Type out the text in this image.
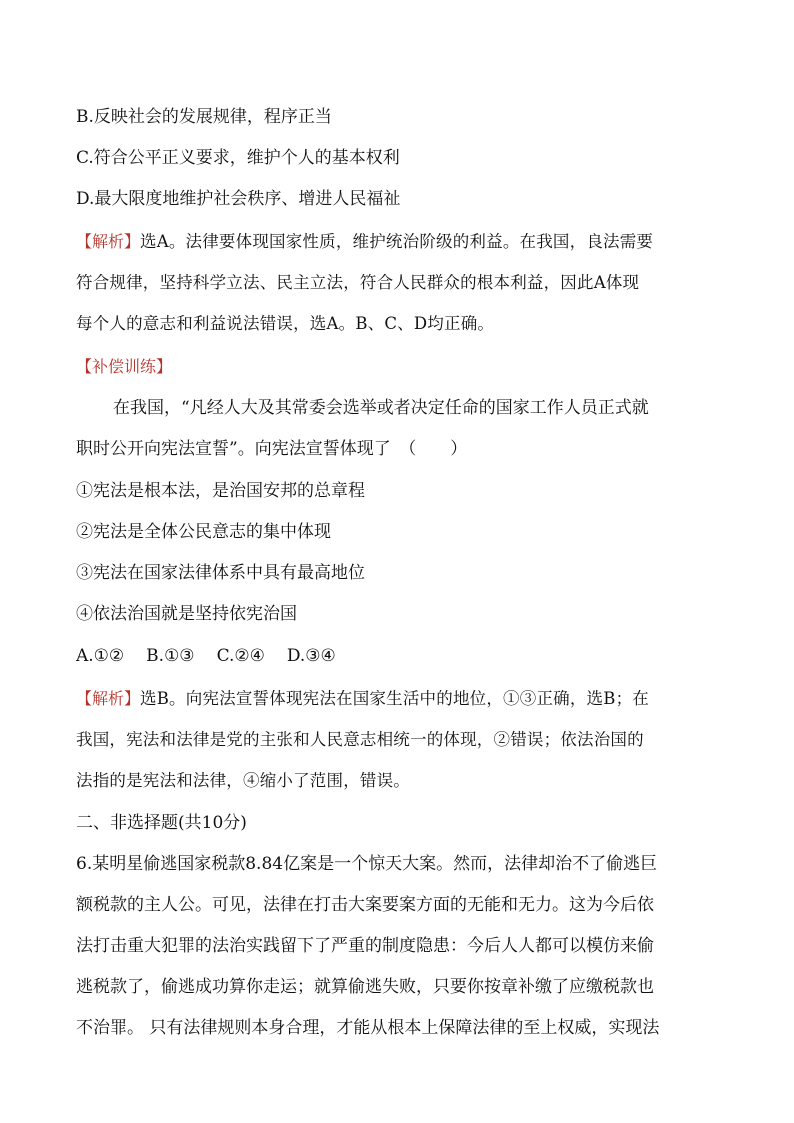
B.反映社会的发展规律，程序正当
C.符合公平正义要求，维护个人的基本权利
D.最大限度地维护社会秩序、增进人民福祉
【解析】选A。法律要体现国家性质，维护统治阶级的利益。在我国，良法需要
符合规律，坚持科学立法、民主立法，符合人民群众的根本利益，因此A体现
每个人的意志和利益说法错误，选A。B、C、D均正确。
【补偿训练】
在我国，“凡经人大及其常委会选举或者决定任命的国家工作人员正式就
职时公开向宪法宣誓”。向宪法宣誓体现了　（　　）
①宪法是根本法，是治国安邦的总章程
②宪法是全体公民意志的集中体现
③宪法在国家法律体系中具有最高地位
④依法治国就是坚持依宪治国
A.①② B.①③ C.②④ D.③④
【解析】选B。向宪法宣誓体现宪法在国家生活中的地位，①③正确，选B；在
我国，宪法和法律是党的主张和人民意志相统一的体现，②错误；依法治国的
法指的是宪法和法律，④缩小了范围，错误。
二、非选择题(共10分)
6.某明星偷逃国家税款8.84亿案是一个惊天大案。然而，法律却治不了偷逃巨
额税款的主人公。可见，法律在打击大案要案方面的无能和无力。这为今后依
法打击重大犯罪的法治实践留下了严重的制度隐患：今后人人都可以模仿来偷
逃税款了，偷逃成功算你走运；就算偷逃失败，只要你按章补缴了应缴税款也
不治罪。 只有法律规则本身合理，才能从根本上保障法律的至上权威，实现法
